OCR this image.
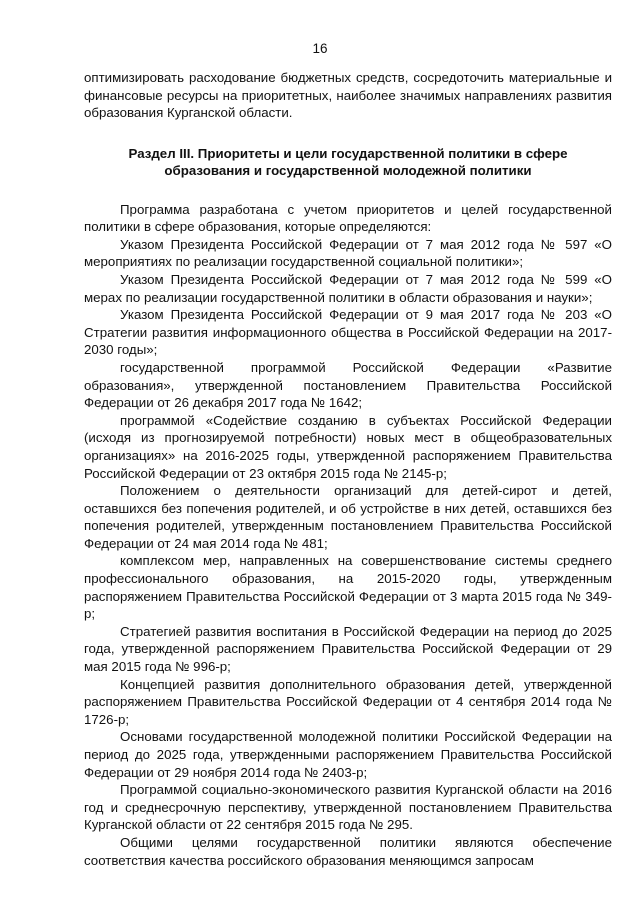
16

оптимизировать расходование бюджетных средств, сосредоточить материальные и финансовые ресурсы на приоритетных, наиболее значимых направлениях развития образования Курганской области.

Раздел III. Приоритеты и цели государственной политики в сфере
образования и государственной молодежной политики

Программа разработана с учетом приоритетов и целей государственной политики в сфере образования, которые определяются:

Указом Президента Российской Федерации от 7 мая 2012 года № 597 «О мероприятиях по реализации государственной социальной политики»;

Указом Президента Российской Федерации от 7 мая 2012 года № 599 «О мерах по реализации государственной политики в области образования и науки»;

Указом Президента Российской Федерации от 9 мая 2017 года № 203 «О Стратегии развития информационного общества в Российской Федерации на 2017-2030 годы»;

государственной программой Российской Федерации «Развитие образования», утвержденной постановлением Правительства Российской Федерации от 26 декабря 2017 года № 1642;

программой «Содействие созданию в субъектах Российской Федерации (исходя из прогнозируемой потребности) новых мест в общеобразовательных организациях» на 2016-2025 годы, утвержденной распоряжением Правительства Российской Федерации от 23 октября 2015 года № 2145-р;

Положением о деятельности организаций для детей-сирот и детей, оставшихся без попечения родителей, и об устройстве в них детей, оставшихся без попечения родителей, утвержденным постановлением Правительства Российской Федерации от 24 мая 2014 года № 481;

комплексом мер, направленных на совершенствование системы среднего профессионального образования, на 2015-2020 годы, утвержденным распоряжением Правительства Российской Федерации от 3 марта 2015 года № 349-р;

Стратегией развития воспитания в Российской Федерации на период до 2025 года, утвержденной распоряжением Правительства Российской Федерации от 29 мая 2015 года № 996-р;

Концепцией развития дополнительного образования детей, утвержденной распоряжением Правительства Российской Федерации от 4 сентября 2014 года № 1726-р;

Основами государственной молодежной политики Российской Федерации на период до 2025 года, утвержденными распоряжением Правительства Российской Федерации от 29 ноября 2014 года № 2403-р;

Программой социально-экономического развития Курганской области на 2016 год и среднесрочную перспективу, утвержденной постановлением Правительства Курганской области от 22 сентября 2015 года № 295.

Общими целями государственной политики являются обеспечение соответствия качества российского образования меняющимся запросам
